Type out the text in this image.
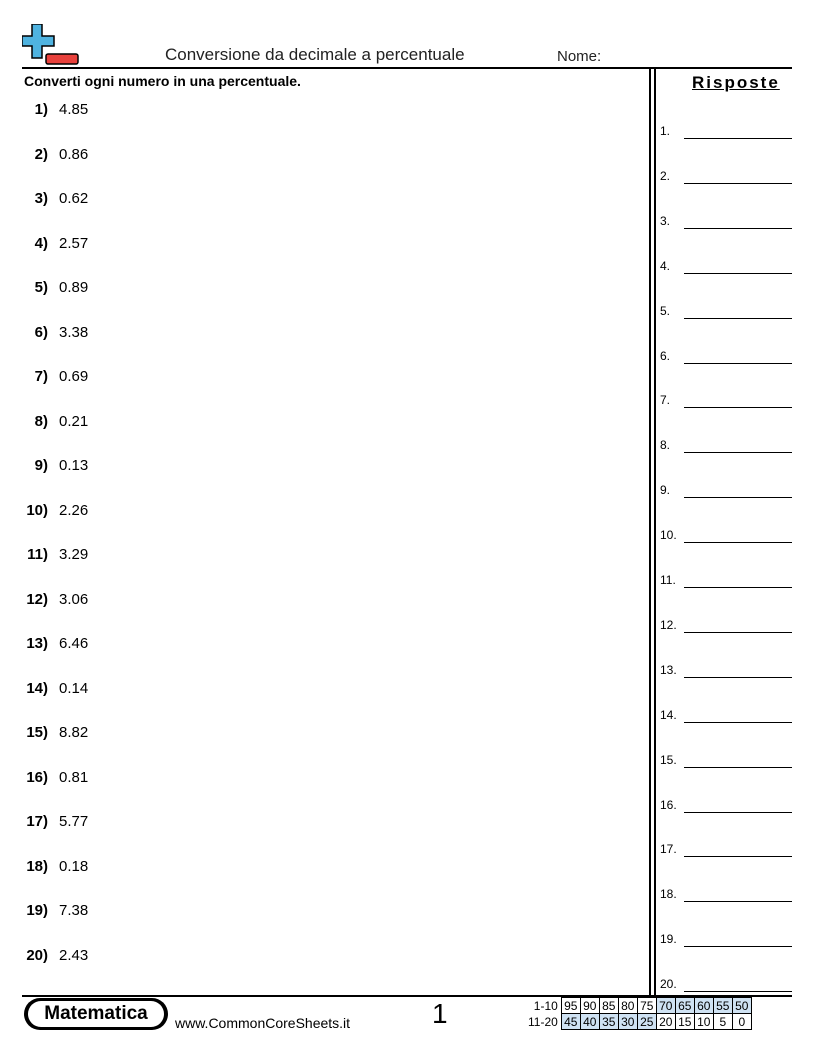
Conversione da decimale a percentuale	Nome:
Converti ogni numero in una percentuale.
1) 4.85
2) 0.86
3) 0.62
4) 2.57
5) 0.89
6) 3.38
7) 0.69
8) 0.21
9) 0.13
10) 2.26
11) 3.29
12) 3.06
13) 6.46
14) 0.14
15) 8.82
16) 0.81
17) 5.77
18) 0.18
19) 7.38
20) 2.43
Risposte
1.
2.
3.
4.
5.
6.
7.
8.
9.
10.
11.
12.
13.
14.
15.
16.
17.
18.
19.
20.
Matematica	www.CommonCoreSheets.it	1	1-10	95	90	85	80	75	70	65	60	55	50
11-20	45	40	35	30	25	20	15	10	5	0
